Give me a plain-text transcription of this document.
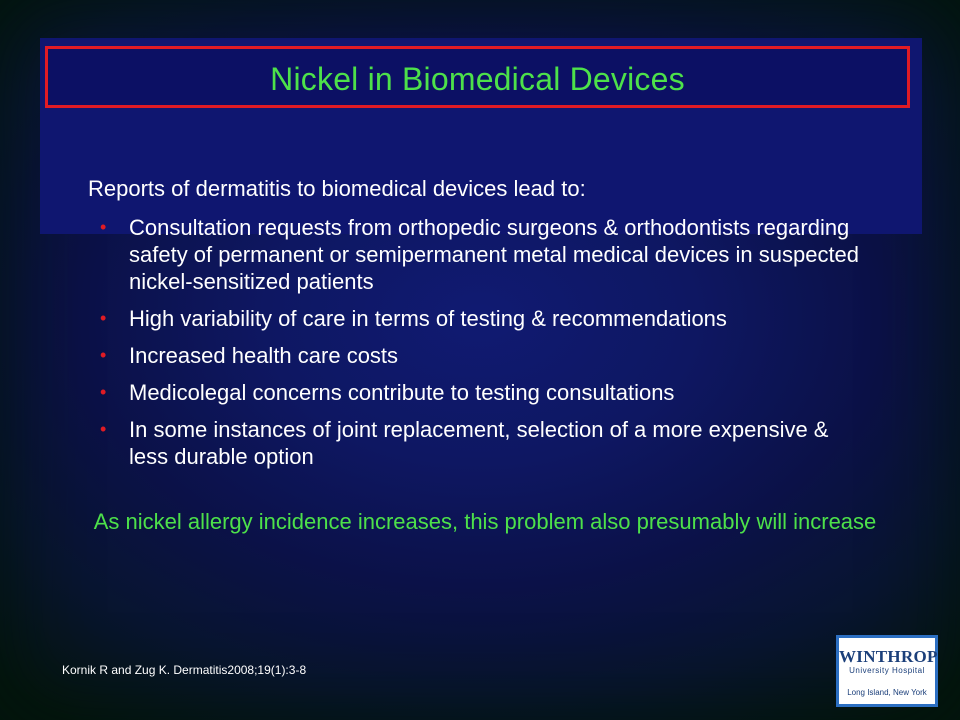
Nickel in Biomedical Devices
Reports of dermatitis to biomedical devices lead to:
• Consultation requests from orthopedic surgeons & orthodontists regarding safety of permanent or semipermanent metal medical devices in suspected nickel-sensitized patients
• High variability of care in terms of testing & recommendations
• Increased health care costs
• Medicolegal concerns contribute to testing consultations
• In some instances of joint replacement, selection of a more expensive & less durable option
As nickel allergy incidence increases, this problem also presumably will increase
Kornik R and Zug K. Dermatitis2008;19(1):3-8
WINTHROP
University Hospital
Long Island, New York
